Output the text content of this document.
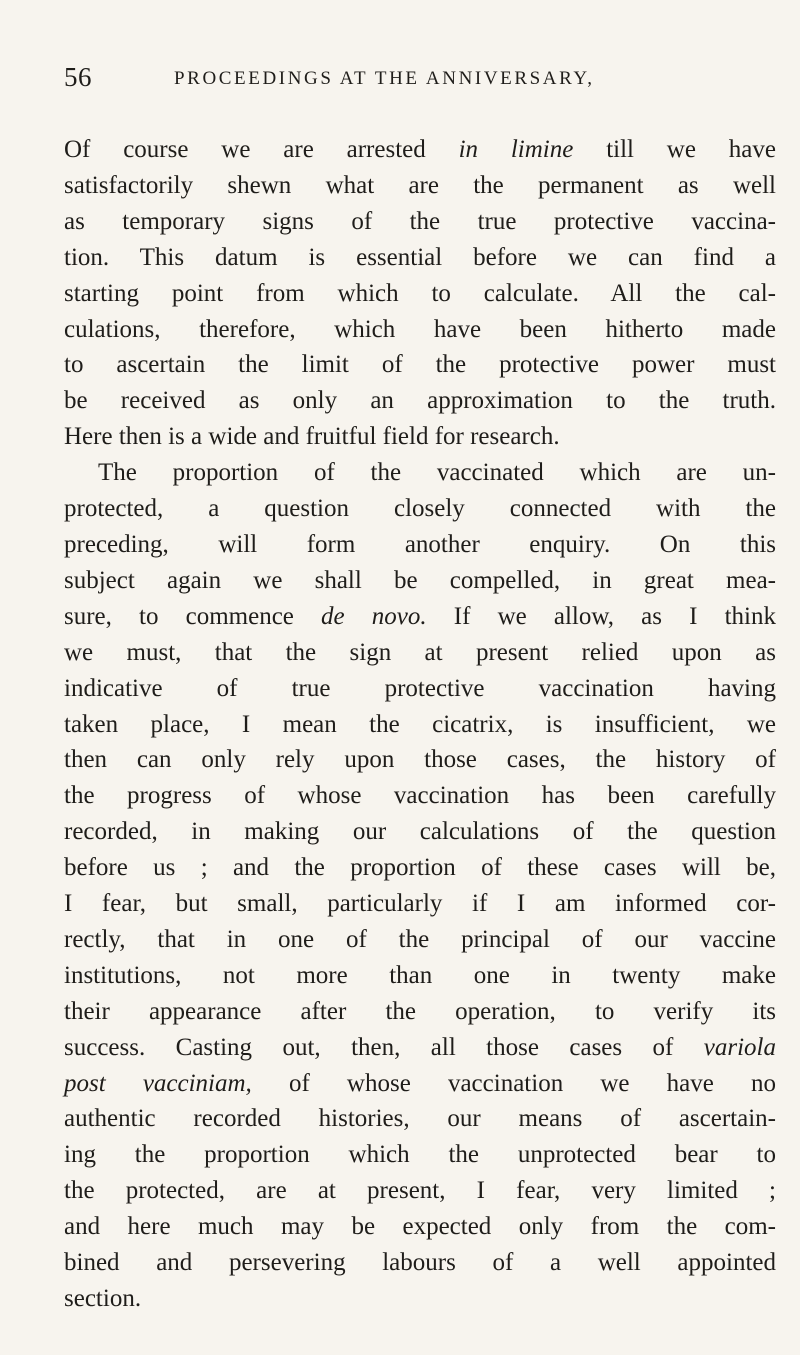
56	PROCEEDINGS AT THE ANNIVERSARY,
Of course we are arrested in limine till we have
satisfactorily shewn what are the permanent as well
as temporary signs of the true protective vaccina-
tion. This datum is essential before we can find a
starting point from which to calculate. All the cal-
culations, therefore, which have been hitherto made
to ascertain the limit of the protective power must
be received as only an approximation to the truth.
Here then is a wide and fruitful field for research.
The proportion of the vaccinated which are un-
protected, a question closely connected with the
preceding, will form another enquiry. On this
subject again we shall be compelled, in great mea-
sure, to commence de novo. If we allow, as I think
we must, that the sign at present relied upon as
indicative of true protective vaccination having
taken place, I mean the cicatrix, is insufficient, we
then can only rely upon those cases, the history of
the progress of whose vaccination has been carefully
recorded, in making our calculations of the question
before us ; and the proportion of these cases will be,
I fear, but small, particularly if I am informed cor-
rectly, that in one of the principal of our vaccine
institutions, not more than one in twenty make
their appearance after the operation, to verify its
success. Casting out, then, all those cases of variola
post vacciniam, of whose vaccination we have no
authentic recorded histories, our means of ascertain-
ing the proportion which the unprotected bear to
the protected, are at present, I fear, very limited ;
and here much may be expected only from the com-
bined and persevering labours of a well appointed
section.
